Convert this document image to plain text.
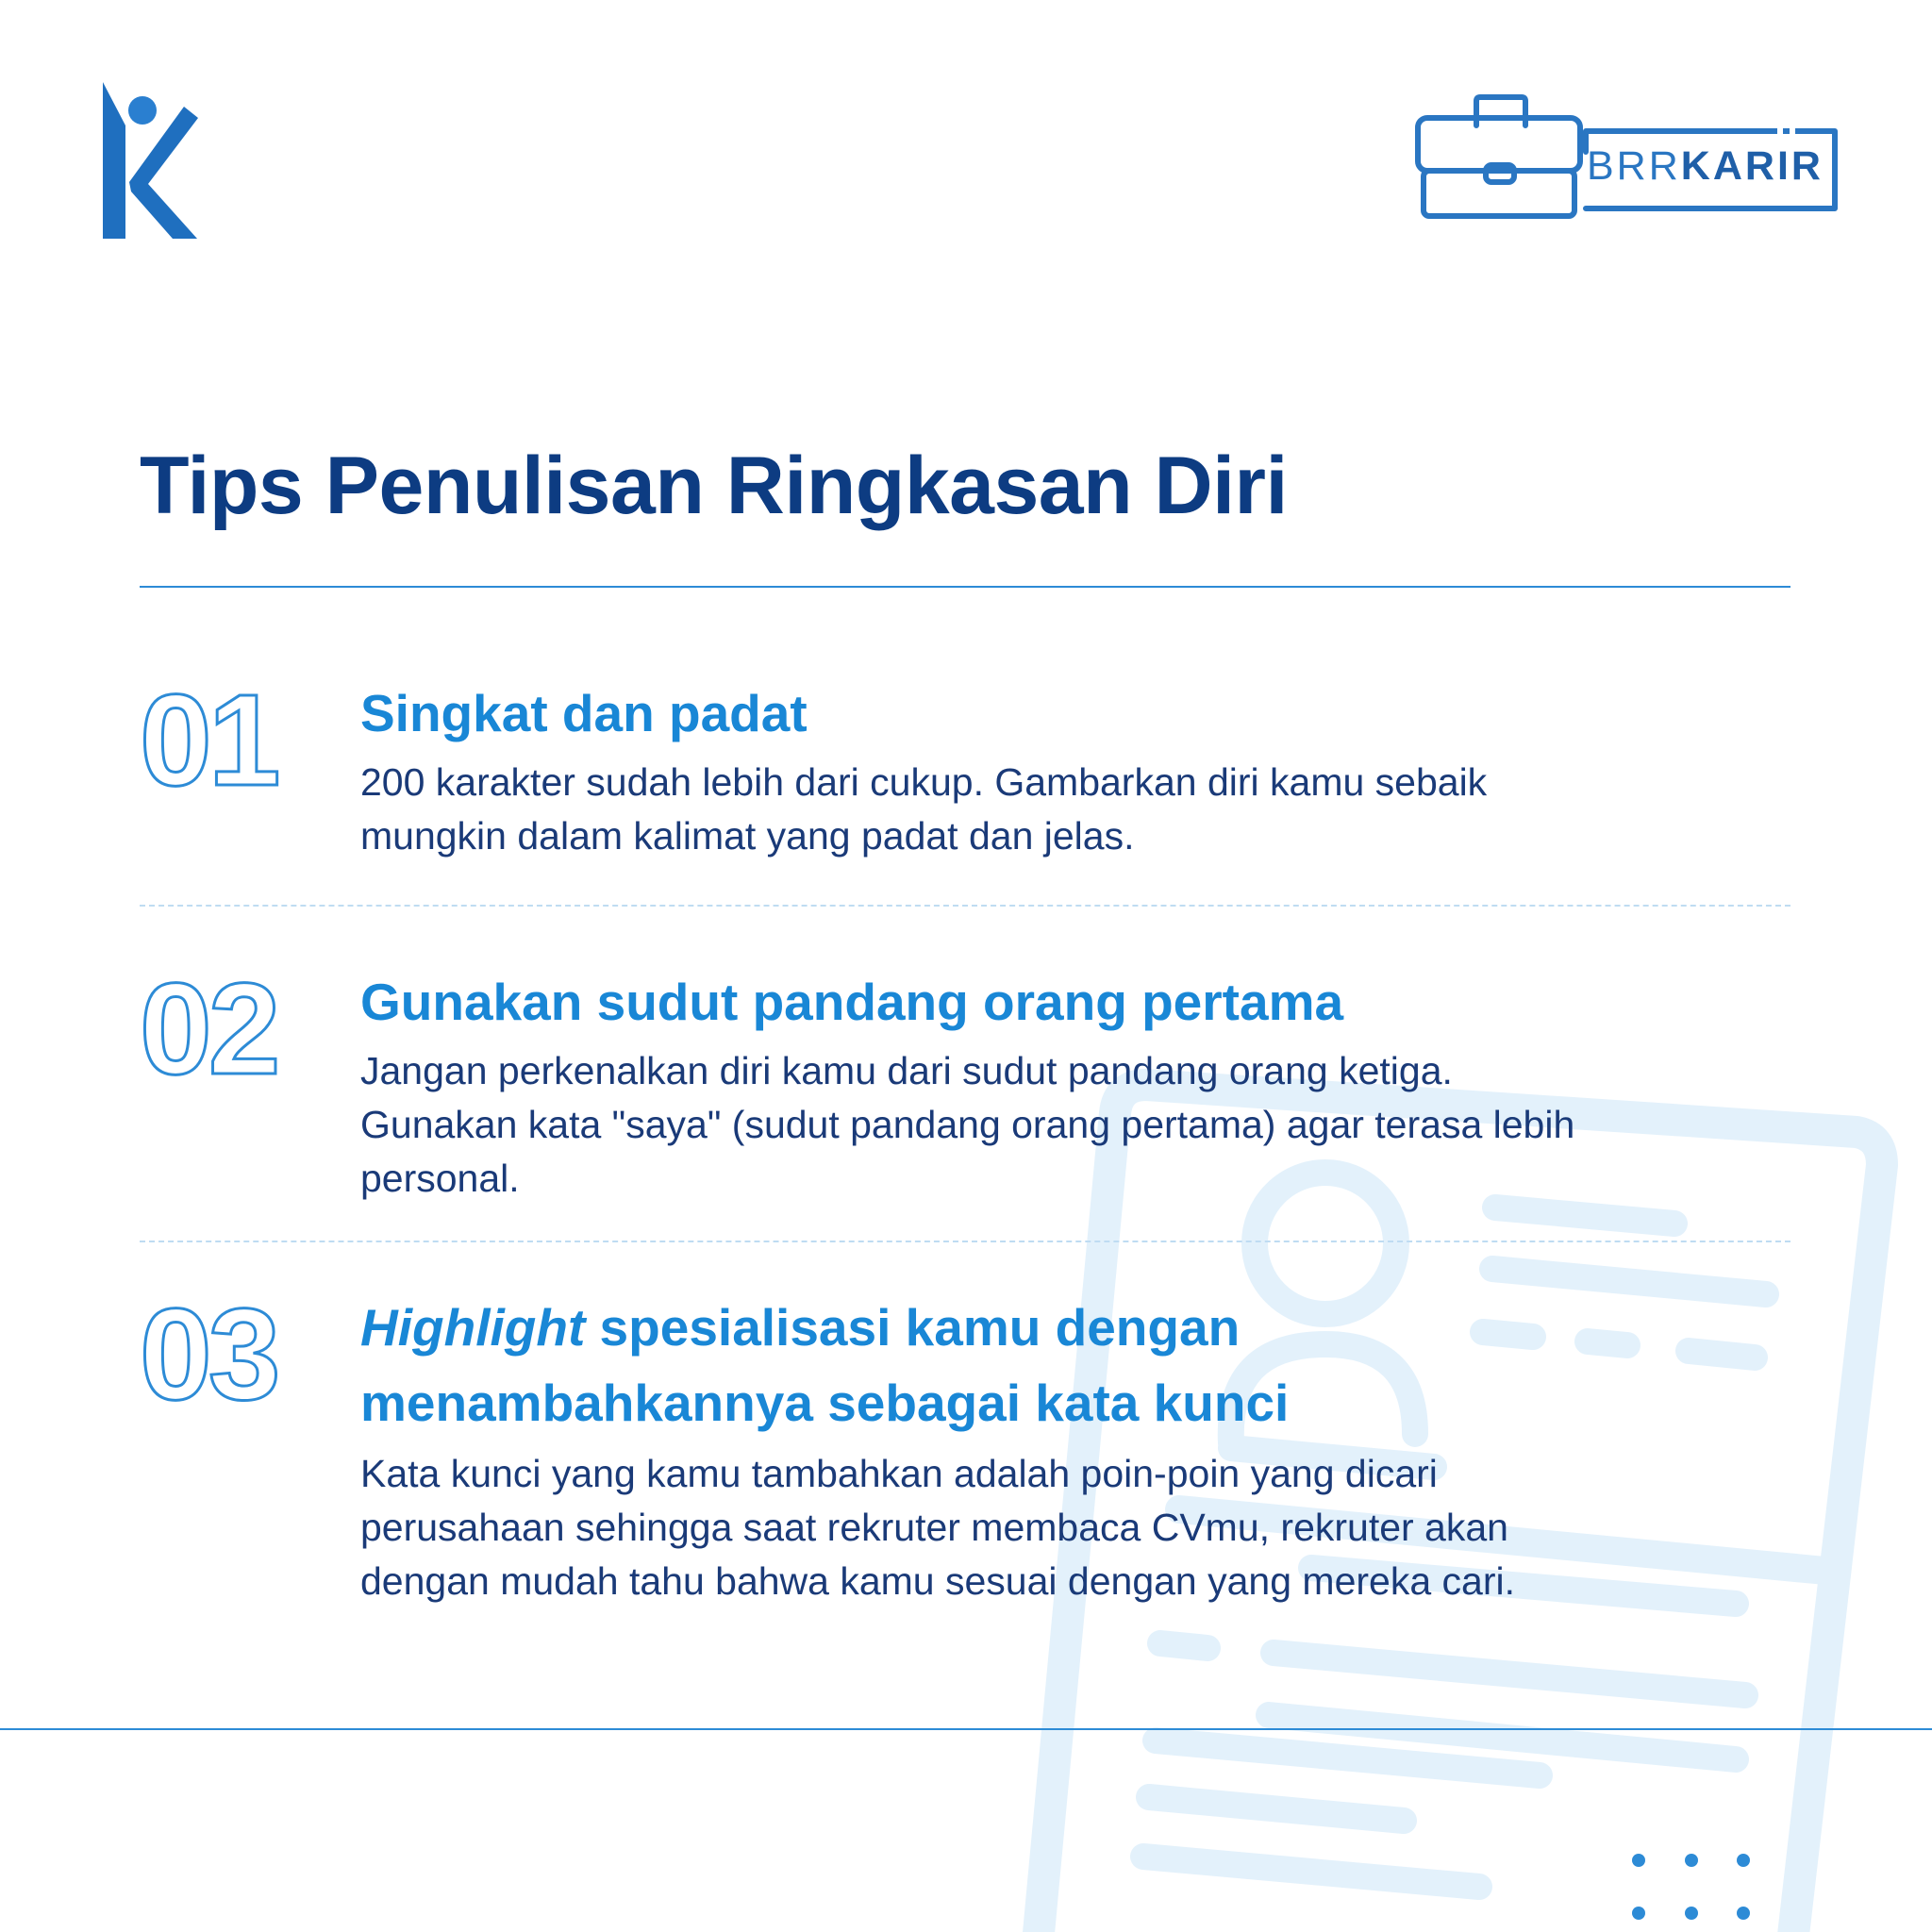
BRRKARIR
Tips Penulisan Ringkasan Diri
01 Singkat dan padat

200 karakter sudah lebih dari cukup. Gambarkan diri kamu sebaik mungkin dalam kalimat yang padat dan jelas.

02 Gunakan sudut pandang orang pertama

Jangan perkenalkan diri kamu dari sudut pandang orang ketiga. Gunakan kata "saya" (sudut pandang orang pertama) agar terasa lebih personal.

03 Highlight spesialisasi kamu dengan menambahkannya sebagai kata kunci

Kata kunci yang kamu tambahkan adalah poin-poin yang dicari perusahaan sehingga saat rekruter membaca CVmu, rekruter akan dengan mudah tahu bahwa kamu sesuai dengan yang mereka cari.
